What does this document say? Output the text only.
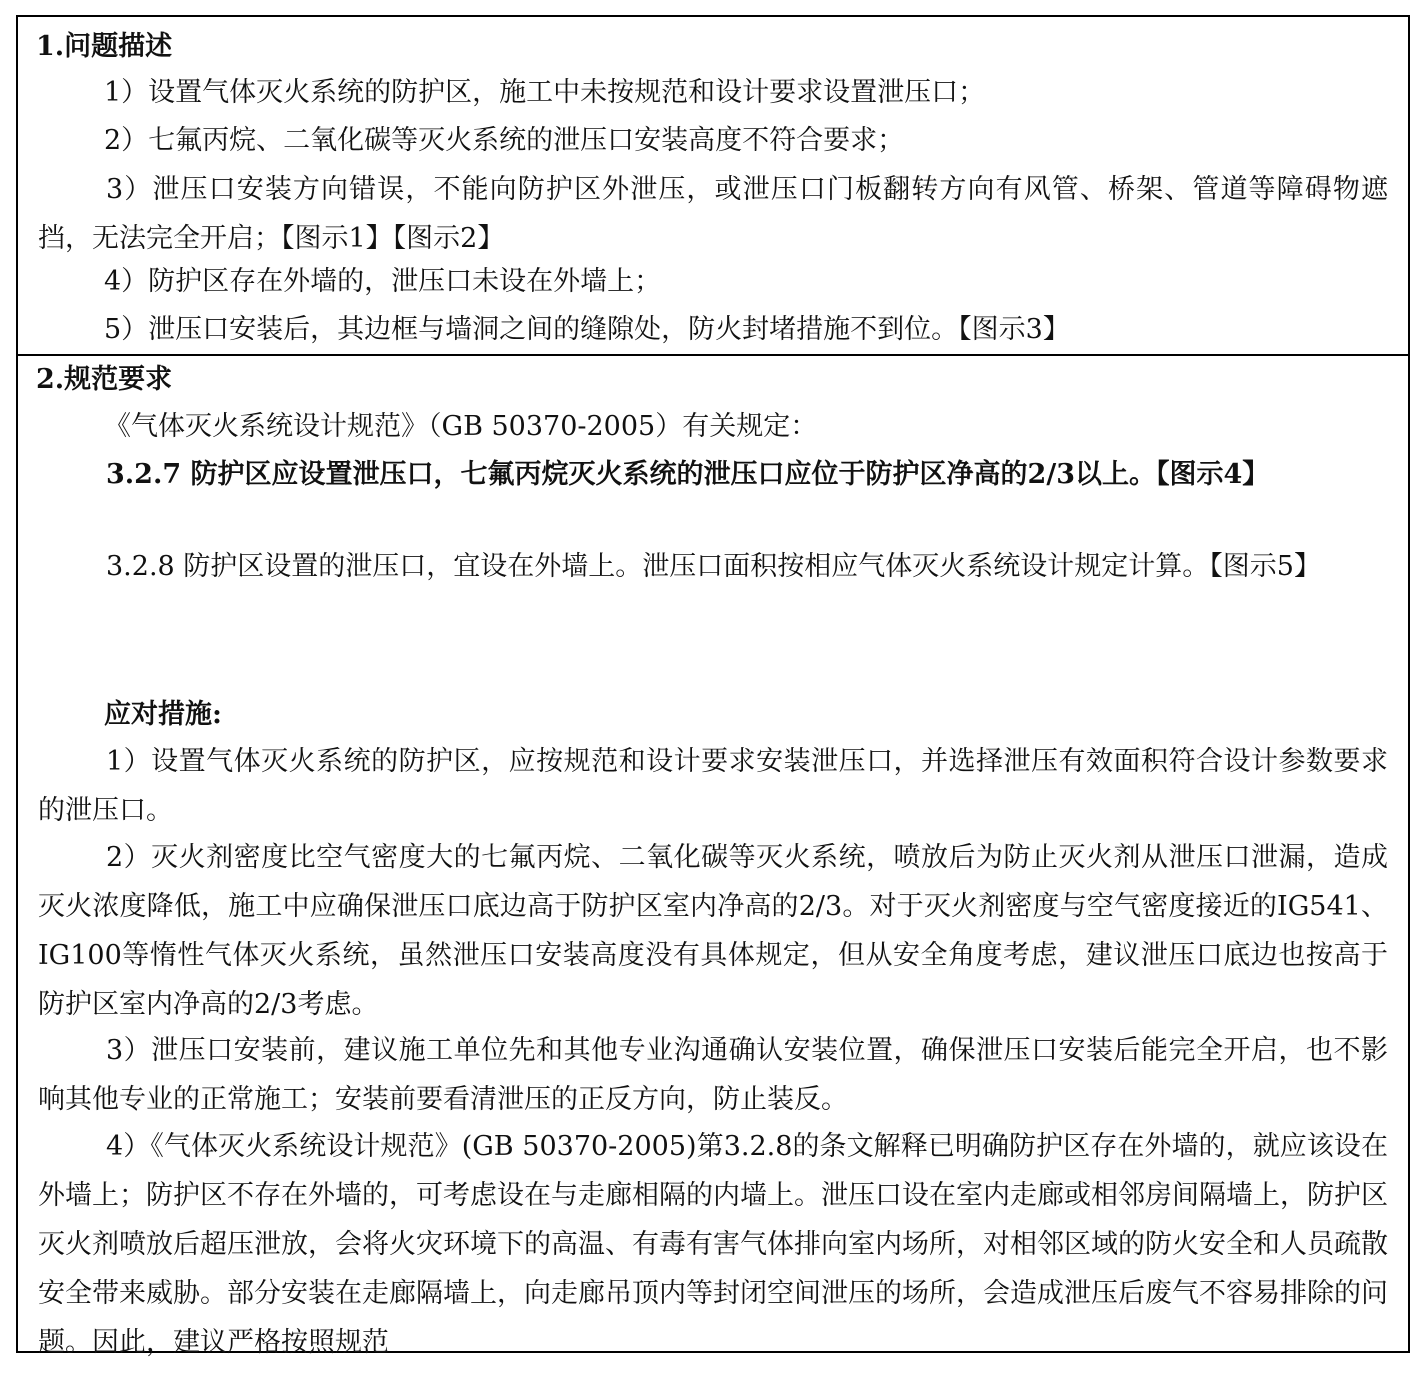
1.问题描述
1）设置气体灭火系统的防护区，施工中未按规范和设计要求设置泄压口；
2）七氟丙烷、二氧化碳等灭火系统的泄压口安装高度不符合要求；
3）泄压口安装方向错误，不能向防护区外泄压，或泄压口门板翻转方向有风管、桥架、管道等障碍物遮挡，无法完全开启；【图示1】【图示2】
4）防护区存在外墙的，泄压口未设在外墙上；
5）泄压口安装后，其边框与墙洞之间的缝隙处，防火封堵措施不到位。【图示3】
2.规范要求
《气体灭火系统设计规范》（GB 50370-2005）有关规定：
3.2.7 防护区应设置泄压口，七氟丙烷灭火系统的泄压口应位于防护区净高的2/3以上。【图示4】
3.2.8 防护区设置的泄压口，宜设在外墙上。泄压口面积按相应气体灭火系统设计规定计算。【图示5】
应对措施:
1）设置气体灭火系统的防护区，应按规范和设计要求安装泄压口，并选择泄压有效面积符合设计参数要求的泄压口。
2）灭火剂密度比空气密度大的七氟丙烷、二氧化碳等灭火系统，喷放后为防止灭火剂从泄压口泄漏，造成灭火浓度降低，施工中应确保泄压口底边高于防护区室内净高的2/3。对于灭火剂密度与空气密度接近的IG541、IG100等惰性气体灭火系统，虽然泄压口安装高度没有具体规定，但从安全角度考虑，建议泄压口底边也按高于防护区室内净高的2/3考虑。
3）泄压口安装前，建议施工单位先和其他专业沟通确认安装位置，确保泄压口安装后能完全开启，也不影响其他专业的正常施工；安装前要看清泄压的正反方向，防止装反。
4）《气体灭火系统设计规范》(GB 50370-2005)第3.2.8的条文解释已明确防护区存在外墙的，就应该设在外墙上；防护区不存在外墙的，可考虑设在与走廊相隔的内墙上。泄压口设在室内走廊或相邻房间隔墙上，防护区灭火剂喷放后超压泄放，会将火灾环境下的高温、有毒有害气体排向室内场所，对相邻区域的防火安全和人员疏散安全带来威胁。部分安装在走廊隔墙上，向走廊吊顶内等封闭空间泄压的场所，会造成泄压后废气不容易排除的问题。因此，建议严格按照规范
